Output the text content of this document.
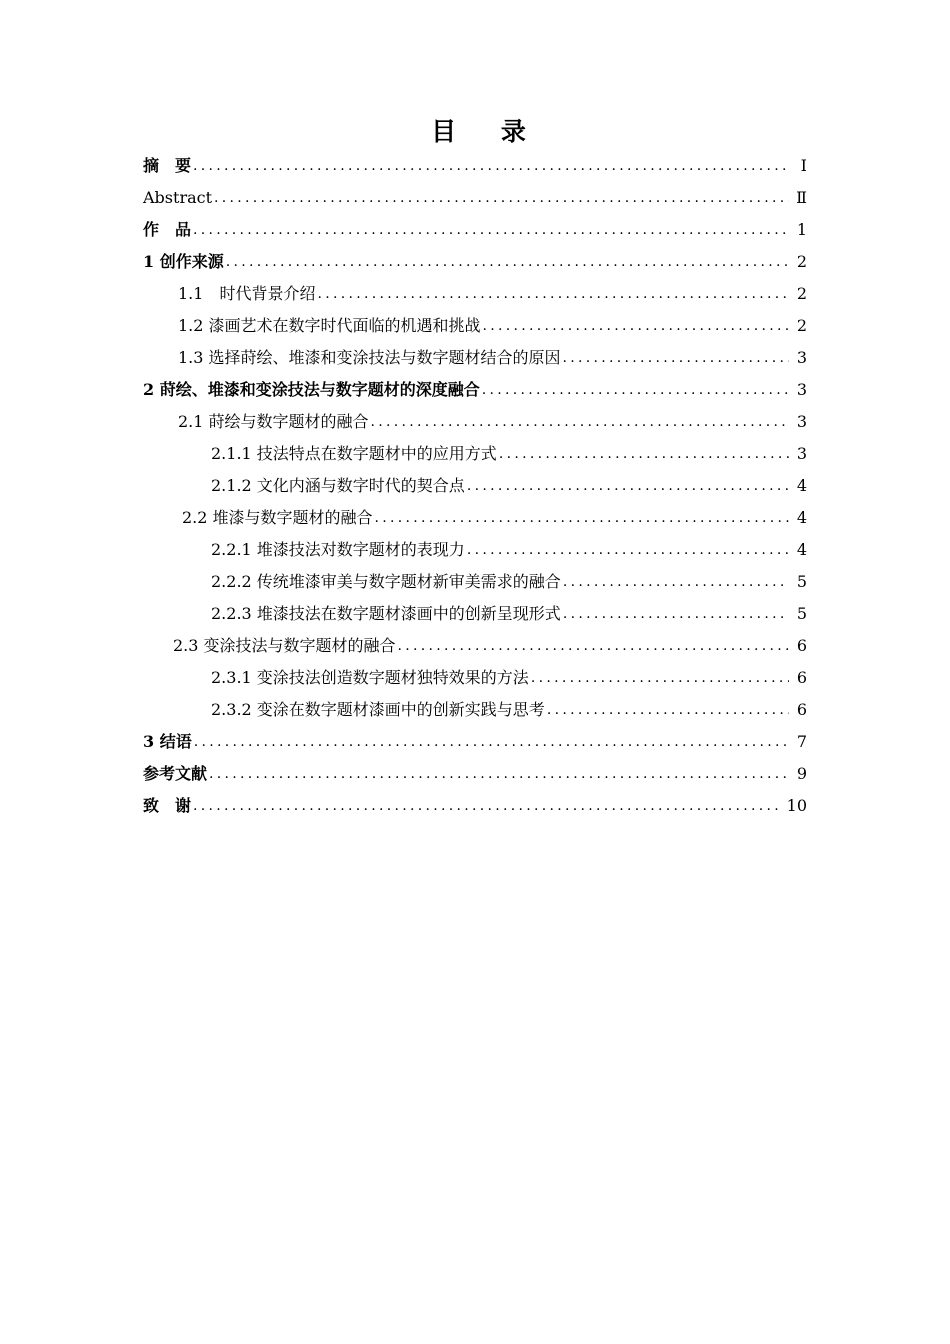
目 录
摘　要 .....	Ⅰ
Abstract .....	Ⅱ
作　品 .....	1
1 创作来源 .....	2
1.1　时代背景介绍 .....	2
1.2 漆画艺术在数字时代面临的机遇和挑战 .....	2
1.3 选择莳绘、堆漆和变涂技法与数字题材结合的原因 .....	3
2 莳绘、堆漆和变涂技法与数字题材的深度融合 .....	3
2.1 莳绘与数字题材的融合 .....	3
2.1.1 技法特点在数字题材中的应用方式 .....	3
2.1.2 文化内涵与数字时代的契合点 .....	4
2.2 堆漆与数字题材的融合 .....	4
2.2.1 堆漆技法对数字题材的表现力 .....	4
2.2.2 传统堆漆审美与数字题材新审美需求的融合 .....	5
2.2.3 堆漆技法在数字题材漆画中的创新呈现形式 .....	5
2.3 变涂技法与数字题材的融合 .....	6
2.3.1 变涂技法创造数字题材独特效果的方法 .....	6
2.3.2 变涂在数字题材漆画中的创新实践与思考 .....	6
3 结语 .....	7
参考文献 .....	9
致　谢 .....	10
